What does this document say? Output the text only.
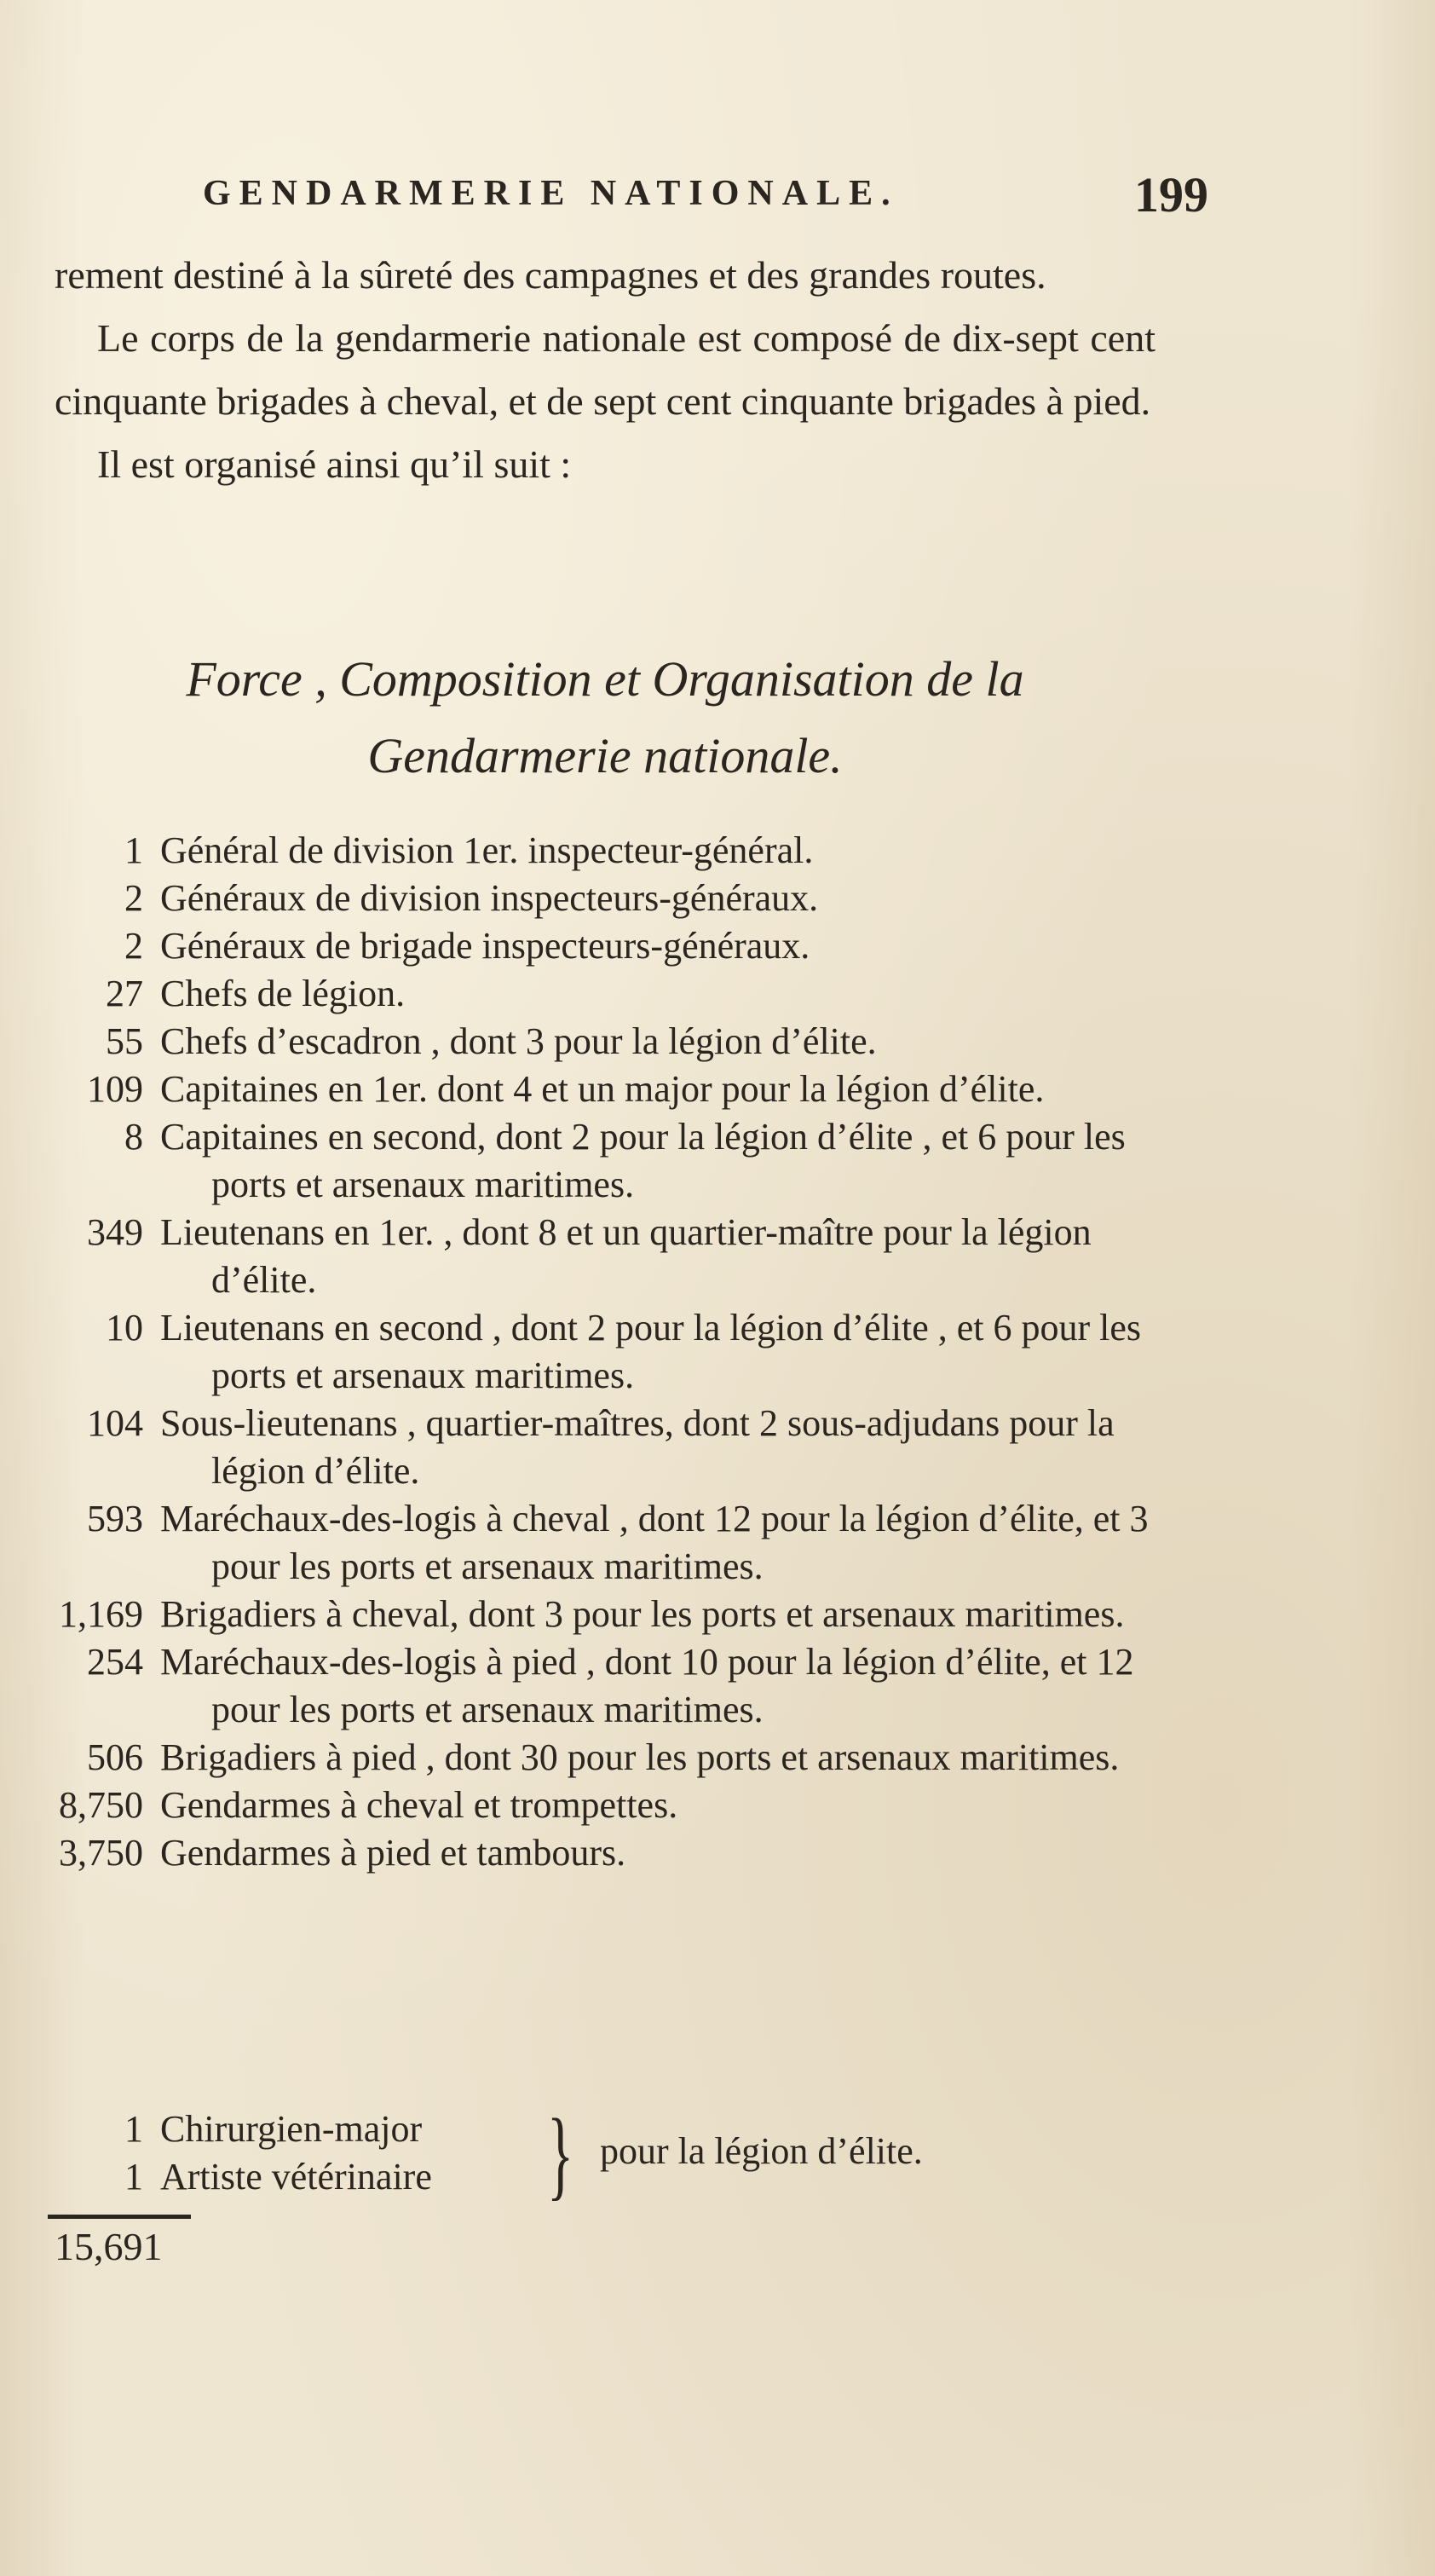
GENDARMERIE NATIONALE.	199

rement destiné à la sûreté des campagnes et des grandes routes.

Le corps de la gendarmerie nationale est composé de dix-sept cent cinquante brigades à cheval, et de sept cent cinquante brigades à pied.

Il est organisé ainsi qu’il suit :

Force , Composition et Organisation de la
Gendarmerie nationale.
1 Général de division 1er. inspecteur-général.
2 Généraux de division inspecteurs-généraux.
2 Généraux de brigade inspecteurs-généraux.
27 Chefs de légion.
55 Chefs d’escadron , dont 3 pour la légion d’élite.
109 Capitaines en 1er. dont 4 et un major pour la légion d’élite.
8 Capitaines en second, dont 2 pour la légion d’élite , et 6 pour les ports et arsenaux maritimes.
349 Lieutenans en 1er. , dont 8 et un quartier-maître pour la légion d’élite.
10 Lieutenans en second , dont 2 pour la légion d’élite , et 6 pour les ports et arsenaux maritimes.
104 Sous-lieutenans , quartier-maîtres, dont 2 sous-adjudans pour la légion d’élite.
593 Maréchaux-des-logis à cheval , dont 12 pour la légion d’élite, et 3 pour les ports et arsenaux maritimes.
1,169 Brigadiers à cheval, dont 3 pour les ports et arsenaux maritimes.
254 Maréchaux-des-logis à pied , dont 10 pour la légion d’élite, et 12 pour les ports et arsenaux maritimes.
506 Brigadiers à pied , dont 30 pour les ports et arsenaux maritimes.
8,750 Gendarmes à cheval et trompettes.
3,750 Gendarmes à pied et tambours.
1 Chirurgien-major
1 Artiste vétérinaire } pour la légion d’élite.
15,691
